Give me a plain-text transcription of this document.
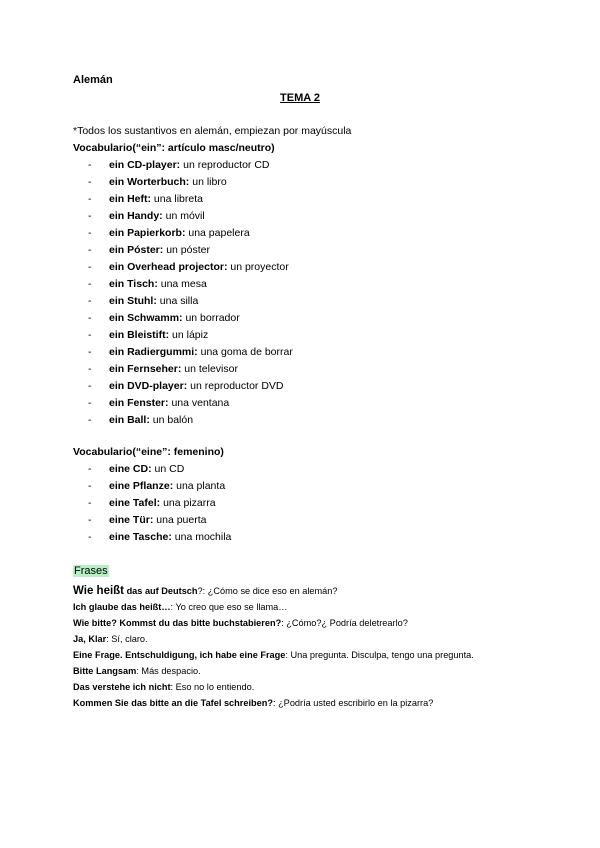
Alemán
TEMA 2
*Todos los sustantivos en alemán, empiezan por mayúscula
Vocabulario(“ein”: artículo masc/neutro)
- ein CD-player: un reproductor CD
- ein Worterbuch: un libro
- ein Heft: una libreta
- ein Handy: un móvil
- ein Papierkorb: una papelera
- ein Póster: un póster
- ein Overhead projector: un proyector
- ein Tisch: una mesa
- ein Stuhl: una silla
- ein Schwamm: un borrador
- ein Bleistift: un lápiz
- ein Radiergummi: una goma de borrar
- ein Fernseher: un televisor
- ein DVD-player: un reproductor DVD
- ein Fenster: una ventana
- ein Ball: un balón
Vocabulario(“eine”: femenino)
- eine CD: un CD
- eine Pflanze: una planta
- eine Tafel: una pizarra
- eine Tür: una puerta
- eine Tasche: una mochila
Frases
Wie heißt das auf Deutsch?: ¿Cómo se dice eso en alemán?
Ich glaube das heißt…: Yo creo que eso se llama…
Wie bitte? Kommst du das bitte buchstabieren?: ¿Cómo?¿ Podría deletrearlo?
Ja, Klar: Sí, claro.
Eine Frage. Entschuldigung, ich habe eine Frage: Una pregunta. Disculpa, tengo una pregunta.
Bitte Langsam: Más despacio.
Das verstehe ich nicht: Eso no lo entiendo.
Kommen Sie das bitte an die Tafel schreiben?: ¿Podría usted escribirlo en la pizarra?
